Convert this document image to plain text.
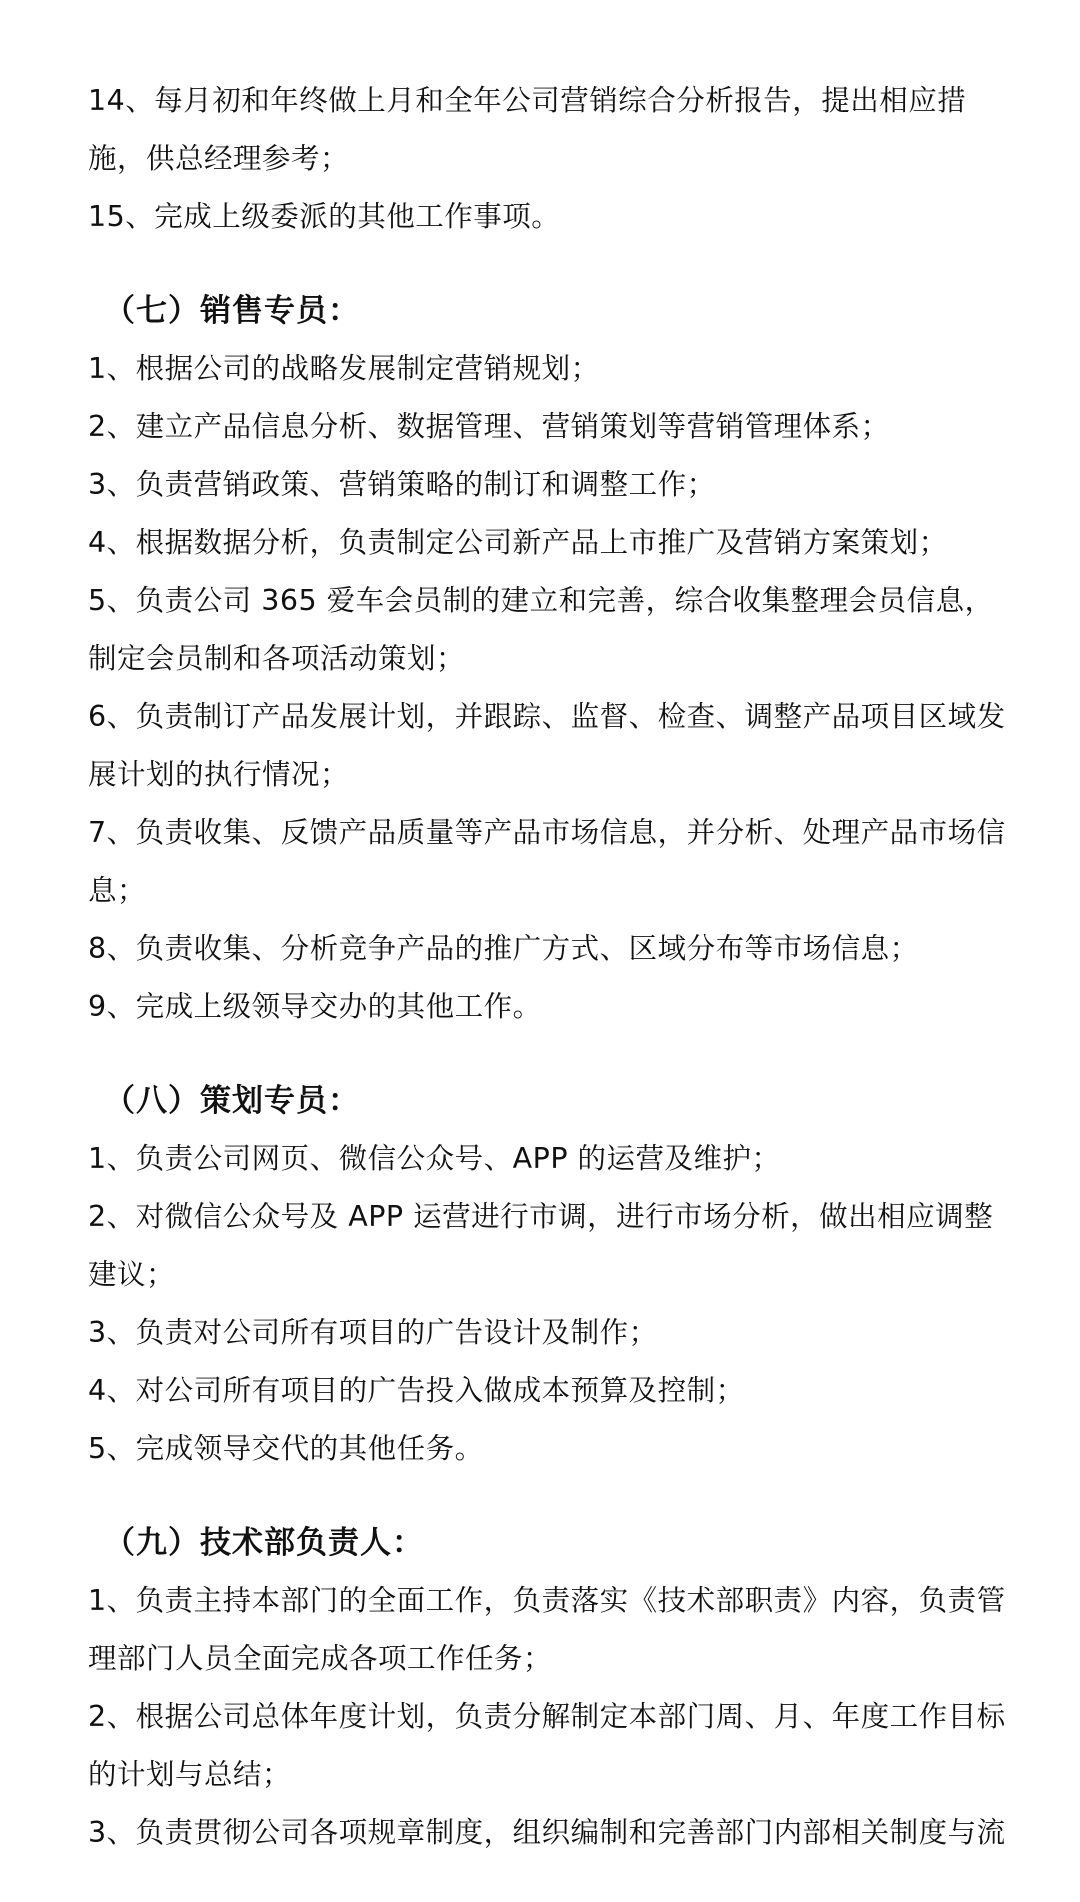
14、每月初和年终做上月和全年公司营销综合分析报告，提出相应措施，供总经理参考；

15、完成上级委派的其他工作事项。

（七）销售专员：

1、根据公司的战略发展制定营销规划；

2、建立产品信息分析、数据管理、营销策划等营销管理体系；

3、负责营销政策、营销策略的制订和调整工作；

4、根据数据分析，负责制定公司新产品上市推广及营销方案策划；

5、负责公司 365 爱车会员制的建立和完善，综合收集整理会员信息，制定会员制和各项活动策划；

6、负责制订产品发展计划，并跟踪、监督、检查、调整产品项目区域发展计划的执行情况；

7、负责收集、反馈产品质量等产品市场信息，并分析、处理产品市场信息；

8、负责收集、分析竞争产品的推广方式、区域分布等市场信息；

9、完成上级领导交办的其他工作。

（八）策划专员：

1、负责公司网页、微信公众号、APP 的运营及维护；

2、对微信公众号及 APP 运营进行市调，进行市场分析，做出相应调整建议；

3、负责对公司所有项目的广告设计及制作；

4、对公司所有项目的广告投入做成本预算及控制；

5、完成领导交代的其他任务。

（九）技术部负责人：

1、负责主持本部门的全面工作，负责落实《技术部职责》内容，负责管理部门人员全面完成各项工作任务；

2、根据公司总体年度计划，负责分解制定本部门周、月、年度工作目标的计划与总结；

3、负责贯彻公司各项规章制度，组织编制和完善部门内部相关制度与流
